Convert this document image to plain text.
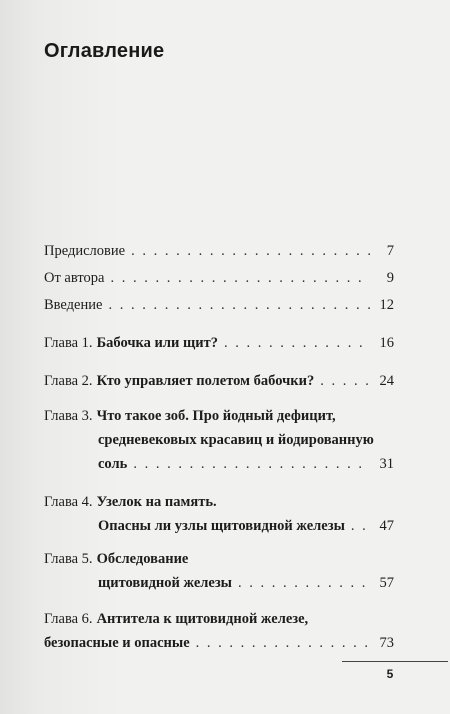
Оглавление
Предисловие . . .	7
От автора . . .	9
Введение . . .	12
Глава 1. Бабочка или щит? . . .	16
Глава 2. Кто управляет полетом бабочки? . . .	24
Глава 3. Что такое зоб. Про йодный дефицит,
средневековых красавиц и йодированную
соль . . .	31
Глава 4. Узелок на память.
Опасны ли узлы щитовидной железы . . . 47
Глава 5. Обследование
щитовидной железы . . .	57
Глава 6. Антитела к щитовидной железе,
безопасные и опасные . . .	73
5
